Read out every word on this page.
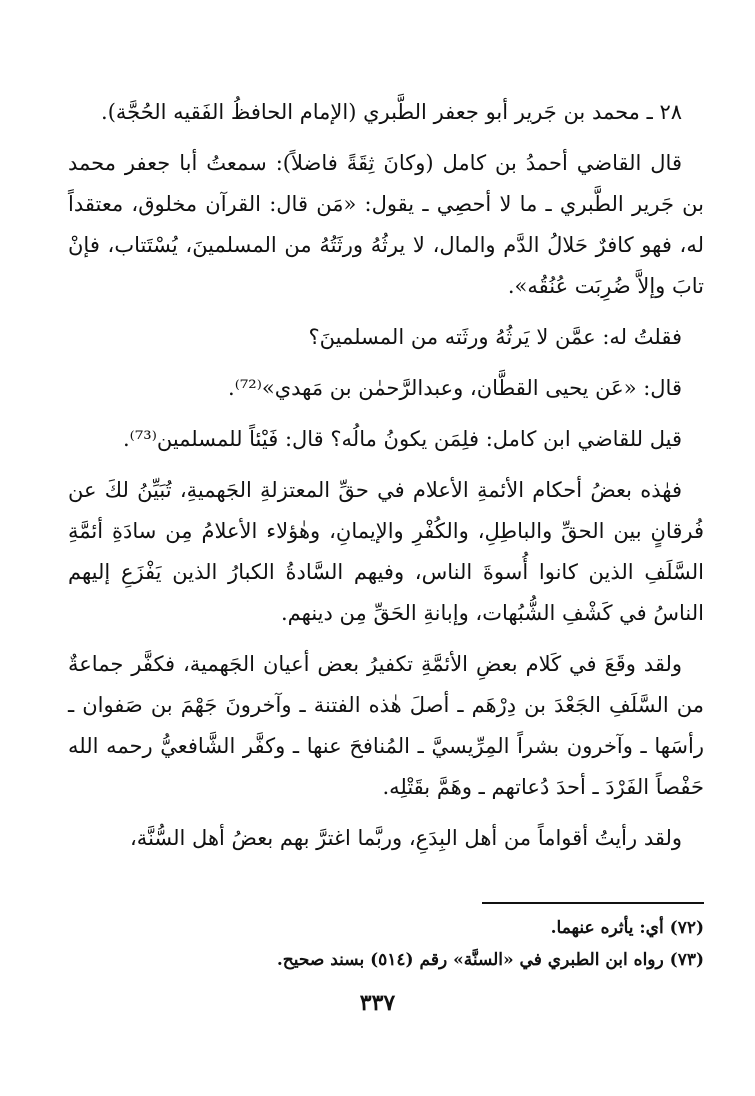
٢٨ ـ محمد بن جَرير أبو جعفر الطَّبري (الإمام الحافظُ الفَقيه الحُجَّة).

قال القاضي أحمدُ بن كامل (وكانَ ثِقَةً فاضلاً): سمعتُ أبا جعفر محمد بن جَرير الطَّبري ـ ما لا أحصِي ـ يقول: «مَن قال: القرآن مخلوق، معتقداً له، فهو كافرٌ حَلالُ الدَّم والمال، لا يرثُهُ ورثَتُهُ من المسلمينَ، يُسْتَتاب، فإنْ تابَ وإلاَّ ضُرِبَت عُنُقُه».

فقلتُ له: عمَّن لا يَرثُهُ ورثَته من المسلمينَ؟

قال: «عَن يحيى القطَّان، وعبدالرَّحمٰن بن مَهدي»⁽⁷²⁾.

قيل للقاضي ابن كامل: فلِمَن يكونُ مالُه؟ قال: فَيْئاً للمسلمين⁽⁷³⁾.

فهٰذه بعضُ أحكام الأئمةِ الأعلام في حقِّ المعتزلةِ الجَهميةِ، تُبَيِّنُ لكَ عن فُرقانٍ بين الحقِّ والباطِلِ، والكُفْرِ والإيمانِ، وهٰؤلاء الأعلامُ مِن سادَةِ أئمَّةِ السَّلَفِ الذين كانوا أُسوةَ الناس، وفيهم السَّادةُ الكبارُ الذين يَفْزَعِ إليهم الناسُ في كَشْفِ الشُّبُهات، وإبانةِ الحَقِّ مِن دينهم.

ولقد وقَعَ في كَلام بعضِ الأئمَّةِ تكفيرُ بعض أعيان الجَهمية، فكفَّر جماعةٌ من السَّلَفِ الجَعْدَ بن دِرْهَم ـ أصلَ هٰذه الفتنة ـ وآخرونَ جَهْمَ بن صَفوان ـ رأسَها ـ وآخرون بشراً المِرِّيسيَّ ـ المُنافحَ عنها ـ وكفَّر الشَّافعيُّ رحمه الله حَفْصاً الفَرْدَ ـ أحدَ دُعاتهم ـ وهَمَّ بقَتْلِه.

ولقد رأيتُ أقواماً من أهل البِدَعِ، وربَّما اغترَّ بهم بعضُ أهل السُّنَّة،

(٧٢) أي: يأثره عنهما.

(٧٣) رواه ابن الطبري في «السنَّة» رقم (٥١٤) بسند صحيح.

٣٣٧
